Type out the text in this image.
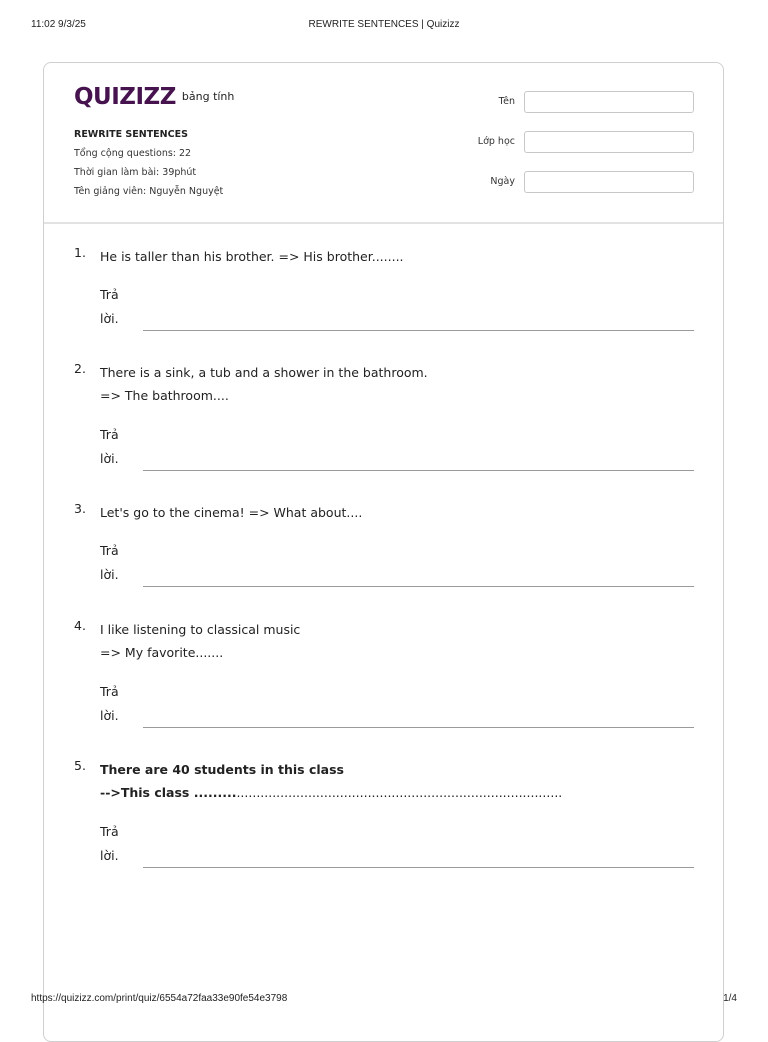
11:02 9/3/25	REWRITE SENTENCES | Quizizz
QUIZIZZ bảng tính
REWRITE SENTENCES
Tổng cộng questions: 22
Thời gian làm bài: 39phút
Tên giảng viên: Nguyễn Nguyệt
Tên
Lớp học
Ngày
1. He is taller than his brother. => His brother........
Trả
lời.
2. There is a sink, a tub and a shower in the bathroom.
=> The bathroom....
Trả
lời.
3. Let's go to the cinema! => What about....
Trả
lời.
4. I like listening to classical music
=> My favorite.......
Trả
lời.
5. There are 40 students in this class
-->This class ...........................................................................................
Trả
lời.
https://quizizz.com/print/quiz/6554a72faa33e90fe54e3798	1/4
